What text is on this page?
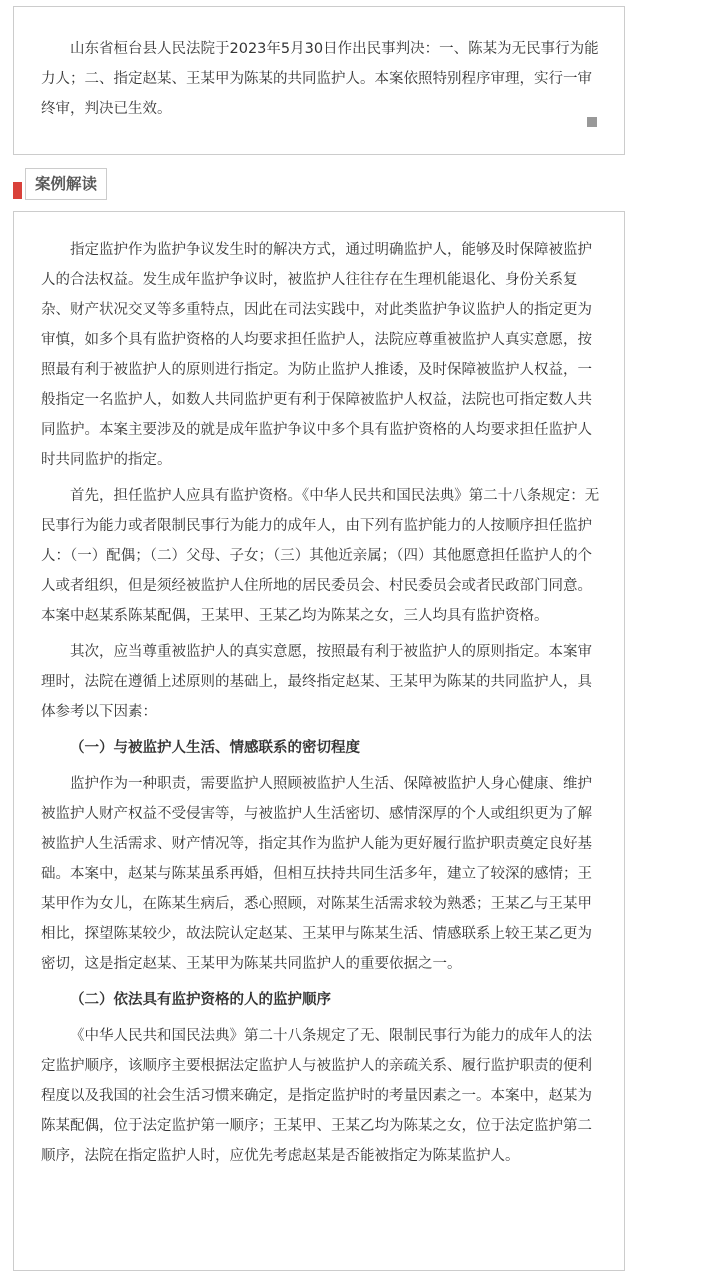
山东省桓台县人民法院于2023年5月30日作出民事判决：一、陈某为无民事行为能力人；二、指定赵某、王某甲为陈某的共同监护人。本案依照特别程序审理，实行一审终审，判决已生效。

案例解读

指定监护作为监护争议发生时的解决方式，通过明确监护人，能够及时保障被监护人的合法权益。发生成年监护争议时，被监护人往往存在生理机能退化、身份关系复杂、财产状况交叉等多重特点，因此在司法实践中，对此类监护争议监护人的指定更为审慎，如多个具有监护资格的人均要求担任监护人，法院应尊重被监护人真实意愿，按照最有利于被监护人的原则进行指定。为防止监护人推诿，及时保障被监护人权益，一般指定一名监护人，如数人共同监护更有利于保障被监护人权益，法院也可指定数人共同监护。本案主要涉及的就是成年监护争议中多个具有监护资格的人均要求担任监护人时共同监护的指定。

首先，担任监护人应具有监护资格。《中华人民共和国民法典》第二十八条规定：无民事行为能力或者限制民事行为能力的成年人，由下列有监护能力的人按顺序担任监护人：（一）配偶；（二）父母、子女；（三）其他近亲属；（四）其他愿意担任监护人的个人或者组织，但是须经被监护人住所地的居民委员会、村民委员会或者民政部门同意。本案中赵某系陈某配偶，王某甲、王某乙均为陈某之女，三人均具有监护资格。

其次，应当尊重被监护人的真实意愿，按照最有利于被监护人的原则指定。本案审理时，法院在遵循上述原则的基础上，最终指定赵某、王某甲为陈某的共同监护人，具体参考以下因素：

（一）与被监护人生活、情感联系的密切程度

监护作为一种职责，需要监护人照顾被监护人生活、保障被监护人身心健康、维护被监护人财产权益不受侵害等，与被监护人生活密切、感情深厚的个人或组织更为了解被监护人生活需求、财产情况等，指定其作为监护人能为更好履行监护职责奠定良好基础。本案中，赵某与陈某虽系再婚，但相互扶持共同生活多年，建立了较深的感情；王某甲作为女儿，在陈某生病后，悉心照顾，对陈某生活需求较为熟悉；王某乙与王某甲相比，探望陈某较少，故法院认定赵某、王某甲与陈某生活、情感联系上较王某乙更为密切，这是指定赵某、王某甲为陈某共同监护人的重要依据之一。

（二）依法具有监护资格的人的监护顺序

《中华人民共和国民法典》第二十八条规定了无、限制民事行为能力的成年人的法定监护顺序，该顺序主要根据法定监护人与被监护人的亲疏关系、履行监护职责的便利程度以及我国的社会生活习惯来确定，是指定监护时的考量因素之一。本案中，赵某为陈某配偶，位于法定监护第一顺序；王某甲、王某乙均为陈某之女，位于法定监护第二顺序，法院在指定监护人时，应优先考虑赵某是否能被指定为陈某监护人。
